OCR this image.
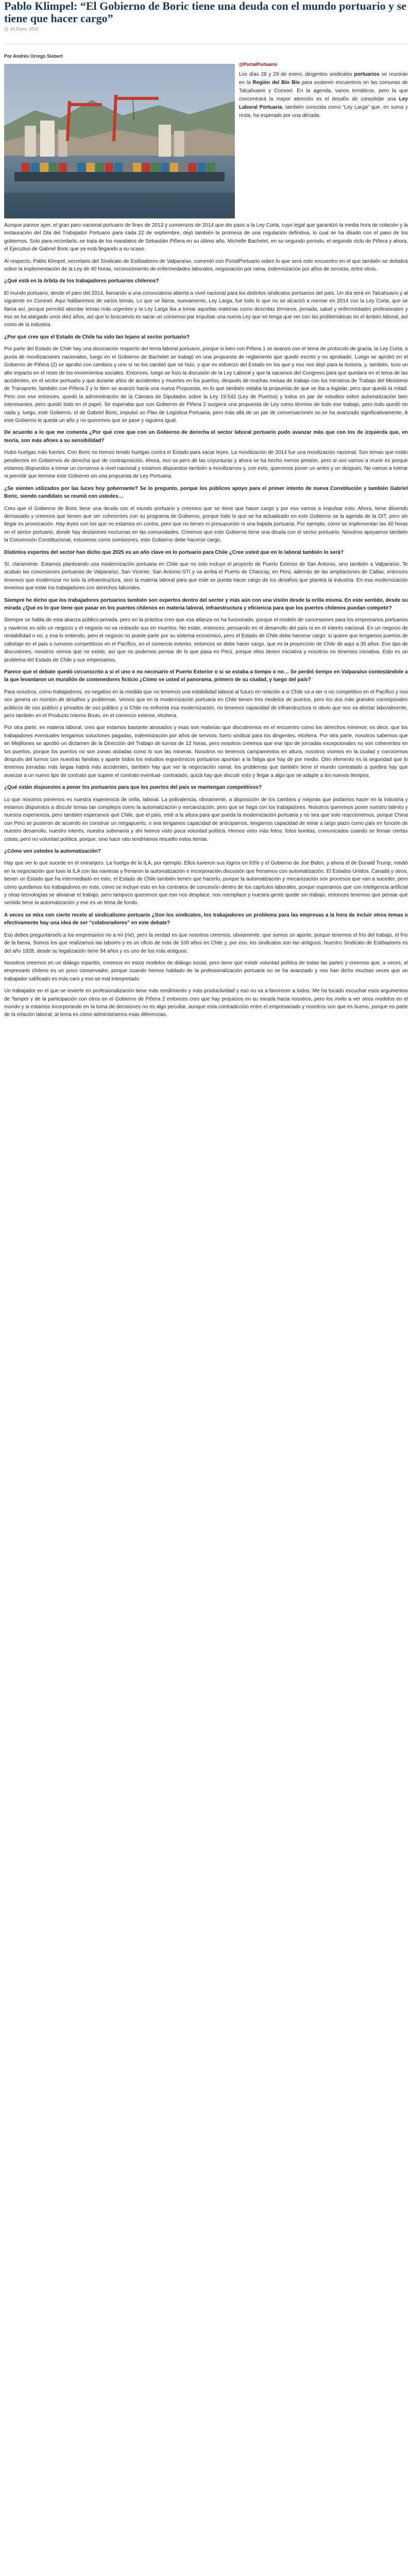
Pablo Klimpel: “El Gobierno de Boric tiene una deuda con el mundo portuario y se tiene que hacer cargo”
16 Enero, 2023

Por Andrés Orrego Siebert

@PortalPortuario

Los días 28 y 29 de enero, dirigentes sindicales portuarios se reunirán en la Región del Bío Bío para sostener encuentros en las comunas de Talcahuano y Coronel. En la agenda, varios temáticos, pero la que concentrará la mayor atención es el desafío de consolidar una Ley Laboral Portuaria, también conocida como “Ley Larga” que, en suma y resta, ha esperado por una década.

Aunque parece ayer, el gran paro nacional portuario de fines de 2013 y comienzos de 2014 que dio paso a la Ley Corta, cuyo legal que garantizó la media hora de colación y la instauración del Día del Trabajador Portuario para cada 22 de septiembre, dejó también la promesa de una regulación definitiva, lo cual se ha diluido con el paso de los gobiernos. Solo para recordarlo, se trata de los mandatos de Sebastián Piñera en su último año, Michelle Bachelet, en su segundo periodo, el segundo ciclo de Piñera y ahora, el Ejecutivo de Gabriel Boric que ya está llegando a su ocaso.

Al respecto, Pablo Klimpel, secretario del Sindicato de Estibadores de Valparaíso, comentó con PortalPortuario sobre lo que será este encuentro en el que también se debatirá sobre la implementación de la Ley de 40 horas, reconocimiento de enfermedades laborales, negociación por rama, indemnización por años de servicio, entre otros.

¿Qué está en la órbita de los trabajadores portuarios chilenos?

El mundo portuario, desde el paro del 2014, llamando a una convocatoria abierta a nivel nacional para los distintos sindicatos portuarios del país. Un día será en Talcahuano y al siguiente en Coronel. Aquí hablaremos de varios temas. Lo que se llama, nuevamente, Ley Larga, fue todo lo que no se alcanzó a normar en 2014 con la Ley Corta, que se llama así, porque permitió abordar temas más urgentes y la Ley Larga iba a tomar aquellas materias como descritas términos, jornada, salud y enfermedades profesionales y eso se ha alargado unos diez años, así que lo buscamos es sacar un consenso par impulsar una nueva Ley que se tenga que ver con las problemáticas en el ámbito laboral, así como de la industria.

¿Por qué cree que el Estado de Chile ha sido tan lejano al sector portuario?

Por parte del Estado de Chile hay una disociación respecto del tema laboral portuario, porque si bien con Piñera 1 se avanzó con el tema de protocolo de gracia, la Ley Corta, a punta de movilizaciones nacionales, luego en el Gobierno de Bachelet se trabajó en una propuesta de reglamento que quedó escrito y no aprobado. Luego se aprobó en el Gobierno de Piñera (2) se aprobó con cambios y uno sí no los cambió que se hizo, y que es esfuerzo del Estado en los que y eso nos dejó para la historia, y, también, tuvo un alto impacto en el resto de los movimientos sociales. Entonces, luego se hizo la discusión de la Ley Laboral y que la sacamos del Congreso para que quedara en el tema de las accidentes, en el sector portuario y que durante años de accidentes y muertes en los puertos, después de muchas mesas de trabajo con los ministros de Trabajo del Ministerio de Transporte, también con Piñera 2 y lo bien se avanzó hacia una nueva Propuesta, en lo que también estaba la propuesta de que se iba a legislar, pero que quedó la mitad. Pero con ese entonces, quedó la administración de la Cámara de Diputados sobre la Ley 19.542 (Ley de Puertos) y todos en par de estudios sobre automatización bien interesantes, pero quedó todo en el papel. Se esperaba que con Gobierno de Piñera 2 surgiera una propuesta de Ley como término de todo ese trabajo, pero todo quedó en nada y, luego, este Gobierno, el de Gabriel Boric, impulsó un Plan de Logística Portuaria, pero más allá de un par de conversaciones no se ha avanzado significativamente. A este Gobierno le queda un año y no queremos que se pase y siguiera igual.

De acuerdo a lo que me comenta ¿Por qué cree que con un Gobierno de derecha el sector laboral portuario pudo avanzar más que con los de izquierda que, en teoría, son más afines a su sensibilidad?

Hubo huelgas más fuertes. Con Boric no hemos tenido huelgas contra el Estado para sacar leyes. La movilización de 2014 fue una movilización nacional. Son temas que están pendientes en Gobiernos de derecha que de contraposición. Ahora, eso va pero de las coyunturas y ahora se ha hecho menos presión, pero si nos vamos a reunir es porque estamos dispuestos a tomar un consenso a nivel nacional y estamos dispuestos también a movilizarnos y, con esto, queremos poner un antes y un después. No vamos a tolerar ni permitir que termine este Gobierno sin una propuesta de Ley Portuaria.

¿Se sienten utilizados por las luces hoy gobernante? Se lo pregunto, porque los públicos apoyo para el primer intento de nueva Constitución y también Gabriel Boric, siendo candidato se reunió con ustedes…

Creo que el Gobierno de Boric tiene una deuda con el mundo portuario y creemos que se tiene que hacer cargo y por eso vamos a impulsar esto. Ahora, tiene diluendo demasiado y creemos que tienen que ser coherentes con su programa de Gobierno, porque todo lo que se ha actualizado en este Gobierno se la agenda de la OIT, pero sin llegar es provocación. Hay leyes con los que no estamos en contra, pero que no tienen ni presupuesto ni una bajada portuaria. Por ejemplo, cómo se implementan las 40 horas en el sector portuario, donde hay decisiones nocturnas en las comunidades. Creemos que este Gobierno tiene una deuda con el sector portuario. Nosotros apoyamos también la Convención Constitucional, estuvimos como comisiones, este Gobierno debe hacerse cargo.

Distintos expertos del sector han dicho que 2025 es un año clave en lo portuario para Chile ¿Cree usted que en lo laboral también lo será?

Sí, claramente. Estamos planteando una modernización portuaria en Chile que no solo incluye el proyecto de Puerto Exterior de San Antonio, sino también a Valparaíso. Te acaban las concesiones portuarias de Valparaíso, San Vicente, San Antonio-STI y va arriba el Puerto de Chancay, en Perú, además de las ampliaciones de Callao, entonces tenemos que modernizar no solo la infraestructura, sino la materia laboral para que este se pueda hacer cargo de los desafíos que plantea la industria. En esa modernización tenemos que estar los trabajadores con derechos laborales.

Siempre he dicho que los trabajadores portuarios también son expertos dentro del sector y más aún con una visión desde la orilla misma. En este sentido, desde su mirada ¿Qué es lo que tiene que pasar en los puertos chilenos en materia laboral, infraestructura y eficiencia para que los puertos chilenos puedan competir?

Siempre se habla de esta alianza público-privada, pero en la práctica creo que esa alianza no ha funcionado, porque el modelo de concesiones para los empresarios portuarios y navieros es sólo un negocio y el negocio no va restando sus en muertos. No están, entonces, pensando en el desarrollo del país ni en el interés nacional. En un negocio de rentabilidad o no, y esa lo entiendo, pero el negocio no puede partir por su sistema económico, pero el Estado de Chile debe hacerse cargo: si quiere que tengamos puertos de cabotaje en el país o rumores competitivos en el Pacífico, en el comercio exterior, entonces se debe hacer cargo, que es la proyección de Chile de aquí a 30 años. Ese tipo de discusiones, nosotros vemos que no existe, así que no podemos pensar de lo que pasa en Perú, porque ellos tienen iniciativa y nosotros no tenemos iniciativa. Esto es un problema del Estado de Chile y sus empresarios.

Parece que el debate quedó circunscrito a si el uno o no necesario el Puerto Exterior o si se estaba a tiempo o no… Se perdió tiempo en Valparaíso contestándole a la que levantaron un murallón de contenedores ficticio ¿Cómo ve usted el panorama, primero de su ciudad, y luego del país?

Para nosotros, como trabajadores, es negativo en la medida que no tenemos una estabilidad laboral al futuro en relación a si Chile va a ser o no competitivo en el Pacífico y nos nos genera un montón de desafíos y problemas. Vemos que en la modernización portuaria en Chile tienen tres modelos de puertos, pero los dos más grandes corresponden públicos de uso público y privados de uso público y si Chile no enfrenta esa modernización, no tenemos capacidad de infraestructura ni obvio que nos va afectar laboralmente, pero también en el Producto Interno Bruto, en el comercio exterior, etcétera.

Por otra parte, en materia laboral, creo que estamos bastante atrasados y esas son materias que discutiremos en el encuentro como los derechos mínimos; es decir, que los trabajadores eventuales tengamos soluciones pagadas, indemnización por años de servicio, fuero sindical para los dirigentes, etcétera. Por otra parte, nosotros sabemos que en Mejillones se aprobó un dictamen de la Dirección del Trabajo de turnos de 12 horas, pero nosotros creemos que ese tipo de jornadas excepcionales no son coherentes en los puertos, porque los puertos no son zonas aisladas como lo son las mineras. Nosotros no tenemos campamentos en altura, nosotros vivimos en la ciudad y conocemos después del turnos con nuestras familias y aparte todos los estudios ergonómicos portuarios apuntan a la fatiga que hay de por medio. Otro elemento es la seguridad que lo tenemos jornadas más largas habrá más accidentes, también hay que ver la negociación ramal, los problemas que también tiene el mundo contratado a quiebra hay que avanzar a un nuevo tipo de contrato que supere el contrato eventual- contratado, quizá hay que discutir esto y llegar a algo que se adapte a los nuevos tiempos.

¿Qué están dispuestos a poner los portuarios para que los puertos del país se mantengan competitivos?

Lo que nosotros ponemos es nuestra experiencia de orilla, laboral. La polivalencia, obviamente, a disposición de los cambios y mejoras que podamos hacer en la industria y estamos dispuestos a discutir temas tan complejos como la automatización y mecanización, pero que se haga con los trabajadores. Nosotros queremos poner nuestro talento y nuestra experiencia, pero también esperamos que Chile, que el país, esté a la altura para que pueda la modernización portuaria y no sea que solo reaccionemos, porque China con Perú se pusieron de acuerdo en construir un megapuerto, o sea tengamos capacidad de anticiparnos, tengamos capacidad de mirar a largo plazo como país en función de nuestro desarrollo, nuestro interés, nuestra soberanía y ahí hemos visto poca voluntad política. Hemos visto más fotos, fotos bonitas, comunicados cuando se firman ciertas cosas, pero no voluntad política, porque, sino hace rato tendríamos resuelto estos temas.

¿Cómo ven ustedes la automatización?

Hay que ver lo que sucede en el extranjero. La huelga de la ILA, por ejemplo. Ellos tuvieron sus logros en 63% y el Gobierno de Joe Biden, y ahora el de Donald Trump, medió en la negociación que tuvo la ILA con las navieras y frenaron la automatización e incorporación discusión que frenamos con automatización. El Estados Unidos, Canadá y otros, tienen un Estado que ha intermediado en esto, el Estado de Chile también tienen que hacerlo, porque la automatización y mecanización son procesos que van a suceder, pero cómo quedamos los trabajadores en esto, cómo se incluye esto en los contratos de concesión dentro de los capítulos laborales, porque esperamos que con inteligencia artificial y otras tecnologías se alivianar el trabajo, pero tampoco queremos que eso nos desplace, nos reemplace y nuestra gente quede sin trabajo, entonces tenemos que pensar qué sentido tiene la automatización y ese es un tema de fondo.

A veces se mira con cierto recelo al sindicalismo portuario ¿Son los sindicatos, los trabajadores un problema para las empresas a la hora de incluir otros temas o efectivamente hay una idea de ser “colaboradores” en este debate?

Eso debes preguntárselo a los empresarios no a mí (ríe), pero la verdad es que nosotros creemos, obviamente, que somos un aporte, porque tenemos el frío del trabajo, el frío de la faena. Somos los que realizamos las labores y es un oficio de más de 100 años en Chile y, por eso, los sindicatos son tan antiguos. Nuestro Sindicato de Estibadores es del año 1928, desde su legalización tiene 94 años y es uno de los más antiguos.

Nosotros creemos en un diálogo tripartito, creemos en estos modelos de diálogo social, pero tiene que existir voluntad política de todas las partes y creemos que, a veces, el empresario chileno es un poco conservador, porque cuando hemos hablado de la profesionalización portuaria no se ha avanzado y nos han dicho muchas veces que un trabajador calificado es más caro y eso se mal interpretado.

Un trabajador en el que se invierte en profesionalización tiene más rendimiento y más productividad y eso no va a favorecer a todos. Me ha tocado escuchar esos argumentos de Tamper y de la participación con otros en el Gobierno de Piñera 2 entonces creo que hay prejuicios en su mirada hacia nosotros, pero los invito a ver otros modelos en el mundo y si estamos incorporando en la toma de decisiones no es algo peculiar, aunque esta contradicción entre el empresariado y nosotros son que es bueno, porque es parte de la relación laboral, al tema es cómo administramos esas diferencias.
